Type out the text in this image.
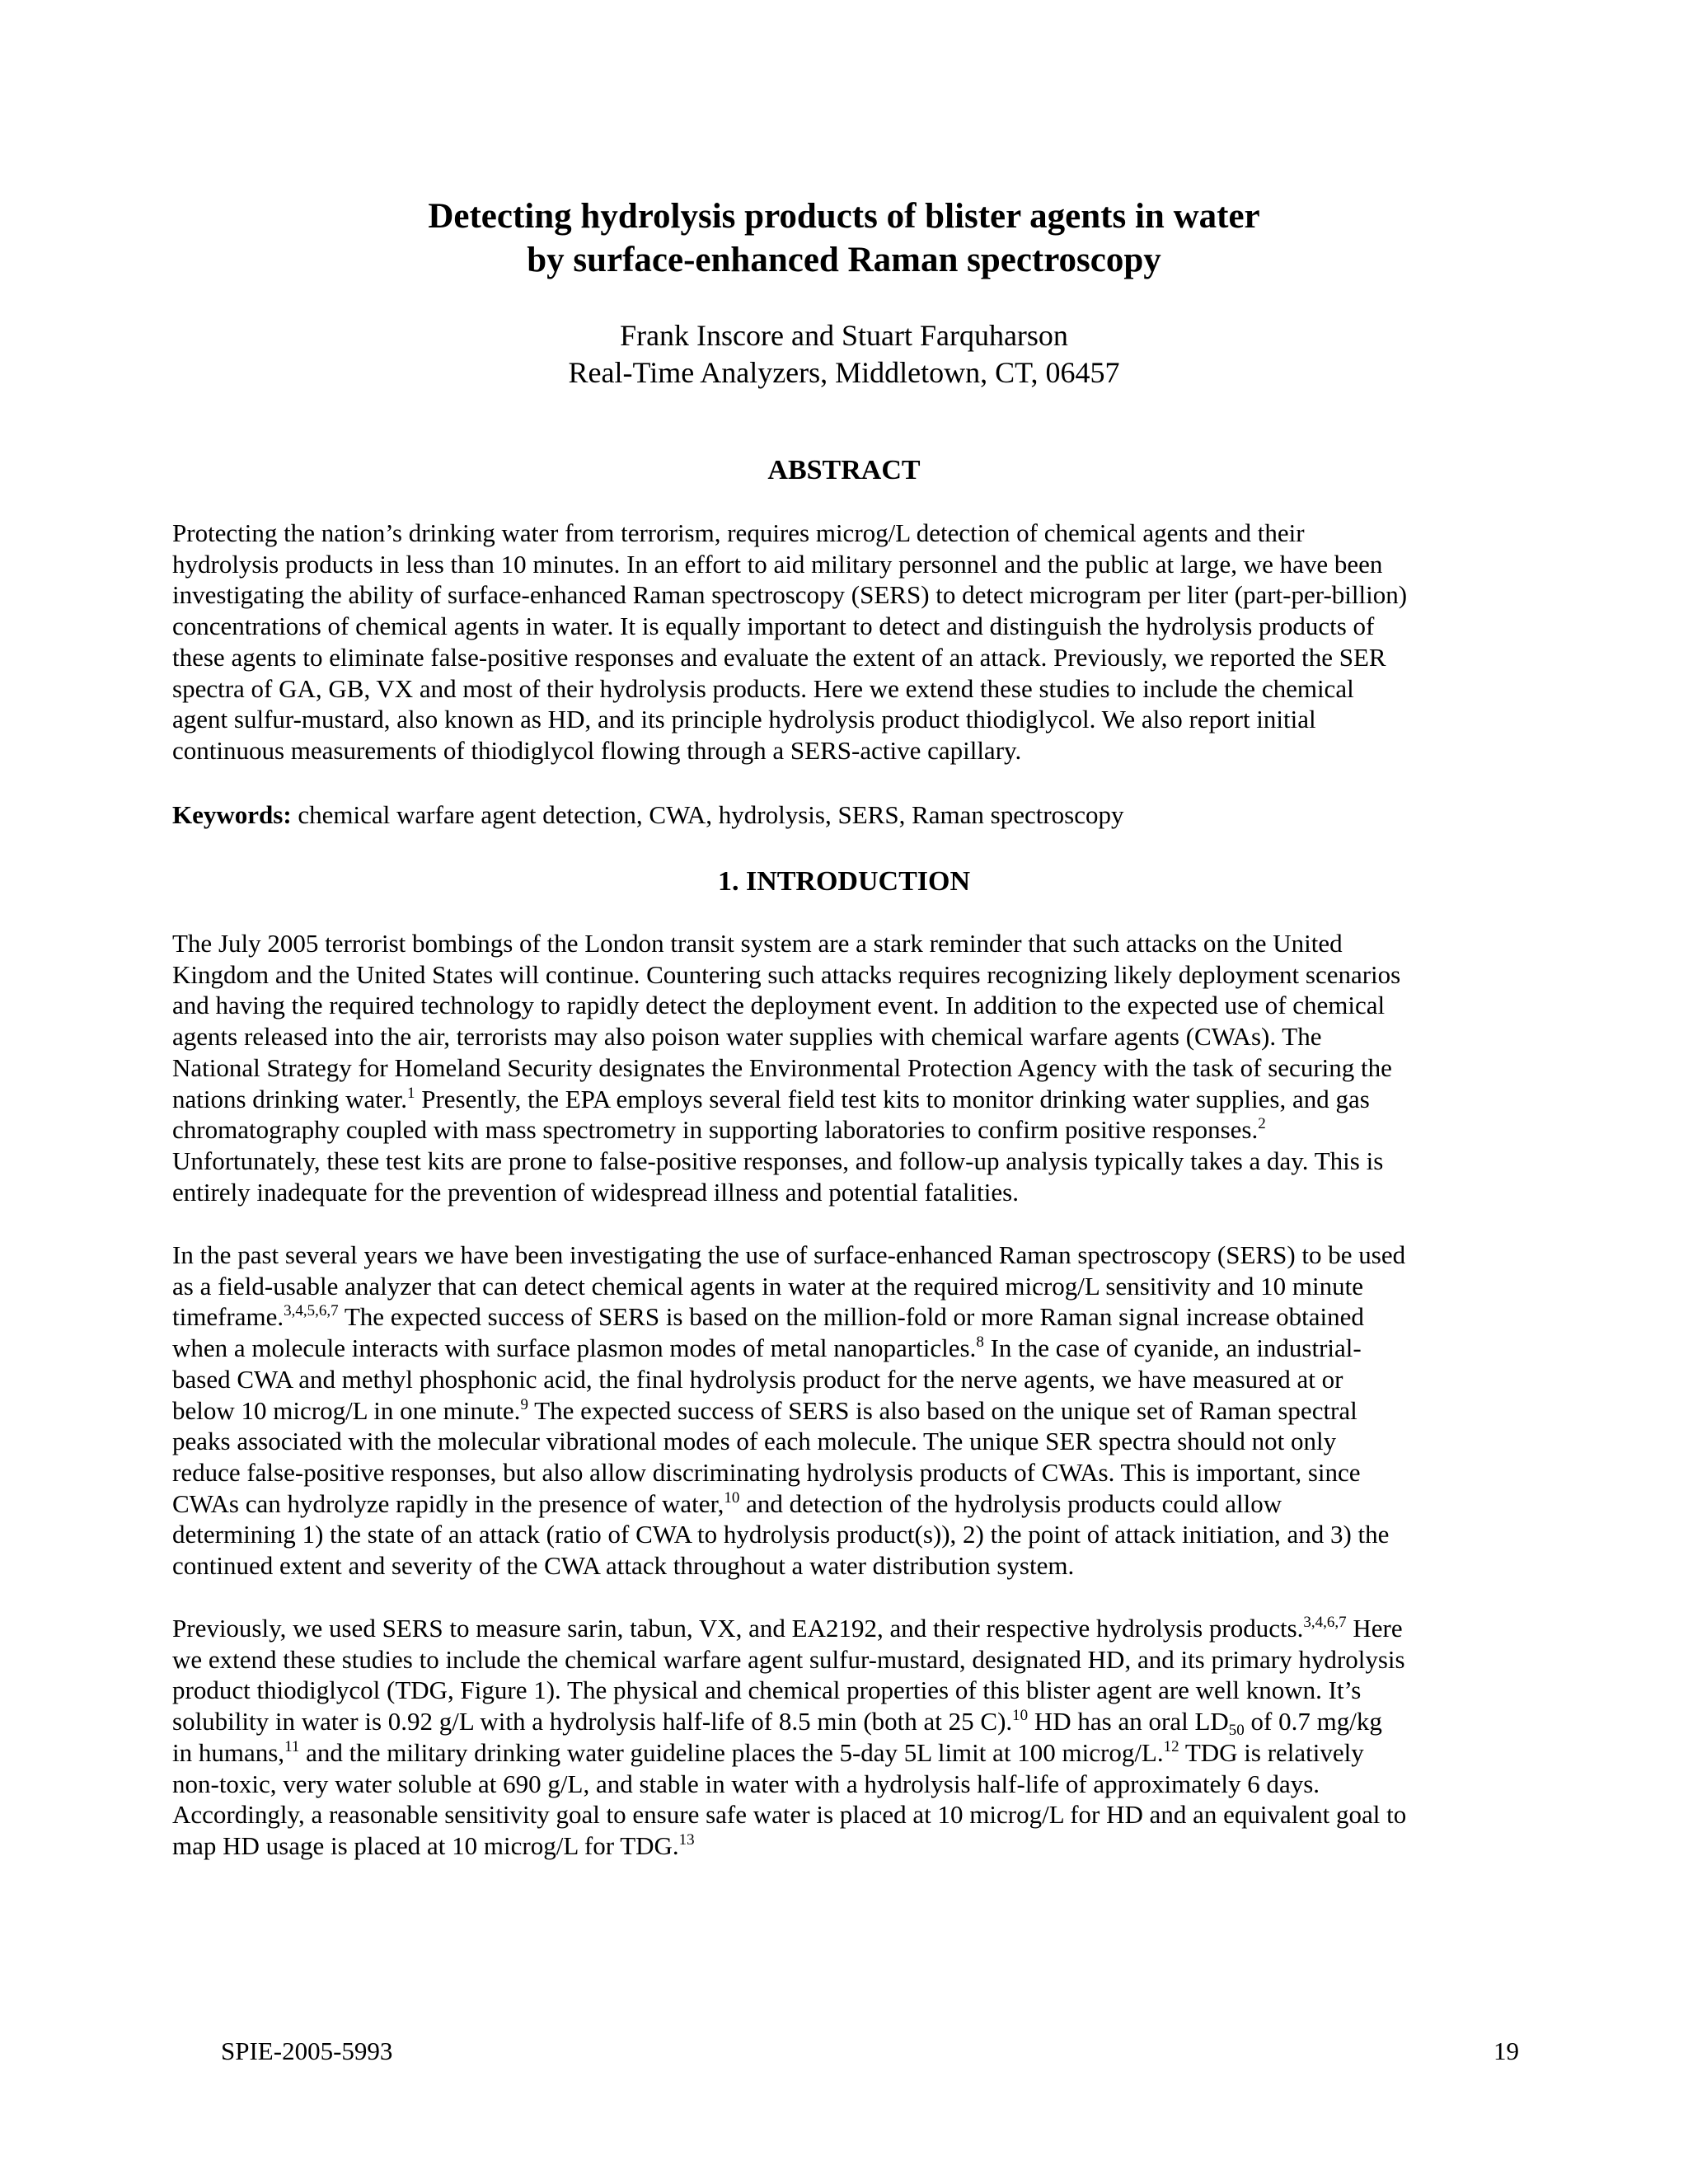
Detecting hydrolysis products of blister agents in water
by surface-enhanced Raman spectroscopy
Frank Inscore and Stuart Farquharson
Real-Time Analyzers, Middletown, CT, 06457
ABSTRACT

Protecting the nation’s drinking water from terrorism, requires microg/L detection of chemical agents and their
hydrolysis products in less than 10 minutes. In an effort to aid military personnel and the public at large, we have been
investigating the ability of surface-enhanced Raman spectroscopy (SERS) to detect microgram per liter (part-per-billion)
concentrations of chemical agents in water. It is equally important to detect and distinguish the hydrolysis products of
these agents to eliminate false-positive responses and evaluate the extent of an attack. Previously, we reported the SER
spectra of GA, GB, VX and most of their hydrolysis products. Here we extend these studies to include the chemical
agent sulfur-mustard, also known as HD, and its principle hydrolysis product thiodiglycol. We also report initial
continuous measurements of thiodiglycol flowing through a SERS-active capillary.

Keywords: chemical warfare agent detection, CWA, hydrolysis, SERS, Raman spectroscopy

1. INTRODUCTION

The July 2005 terrorist bombings of the London transit system are a stark reminder that such attacks on the United
Kingdom and the United States will continue. Countering such attacks requires recognizing likely deployment scenarios
and having the required technology to rapidly detect the deployment event. In addition to the expected use of chemical
agents released into the air, terrorists may also poison water supplies with chemical warfare agents (CWAs). The
National Strategy for Homeland Security designates the Environmental Protection Agency with the task of securing the
nations drinking water.$^1$ Presently, the EPA employs several field test kits to monitor drinking water supplies, and gas
chromatography coupled with mass spectrometry in supporting laboratories to confirm positive responses.$^2$
Unfortunately, these test kits are prone to false-positive responses, and follow-up analysis typically takes a day. This is
entirely inadequate for the prevention of widespread illness and potential fatalities.

In the past several years we have been investigating the use of surface-enhanced Raman spectroscopy (SERS) to be used
as a field-usable analyzer that can detect chemical agents in water at the required microg/L sensitivity and 10 minute
timeframe.$^{3,4,5,6,7}$ The expected success of SERS is based on the million-fold or more Raman signal increase obtained
when a molecule interacts with surface plasmon modes of metal nanoparticles.$^8$ In the case of cyanide, an industrial-
based CWA and methyl phosphonic acid, the final hydrolysis product for the nerve agents, we have measured at or
below 10 microg/L in one minute.$^9$ The expected success of SERS is also based on the unique set of Raman spectral
peaks associated with the molecular vibrational modes of each molecule. The unique SER spectra should not only
reduce false-positive responses, but also allow discriminating hydrolysis products of CWAs. This is important, since
CWAs can hydrolyze rapidly in the presence of water,$^{10}$ and detection of the hydrolysis products could allow
determining 1) the state of an attack (ratio of CWA to hydrolysis product(s)), 2) the point of attack initiation, and 3) the
continued extent and severity of the CWA attack throughout a water distribution system.

Previously, we used SERS to measure sarin, tabun, VX, and EA2192, and their respective hydrolysis products.$^{3,4,6,7}$ Here
we extend these studies to include the chemical warfare agent sulfur-mustard, designated HD, and its primary hydrolysis
product thiodiglycol (TDG, Figure 1). The physical and chemical properties of this blister agent are well known. It’s
solubility in water is 0.92 g/L with a hydrolysis half-life of 8.5 min (both at 25 C).$^{10}$ HD has an oral $LD_{50}$ of 0.7 mg/kg
in humans,$^{11}$ and the military drinking water guideline places the 5-day 5L limit at 100 microg/L.$^{12}$ TDG is relatively
non-toxic, very water soluble at 690 g/L, and stable in water with a hydrolysis half-life of approximately 6 days.
Accordingly, a reasonable sensitivity goal to ensure safe water is placed at 10 microg/L for HD and an equivalent goal to
map HD usage is placed at 10 microg/L for TDG.$^{13}$

SPIE-2005-5993	19
